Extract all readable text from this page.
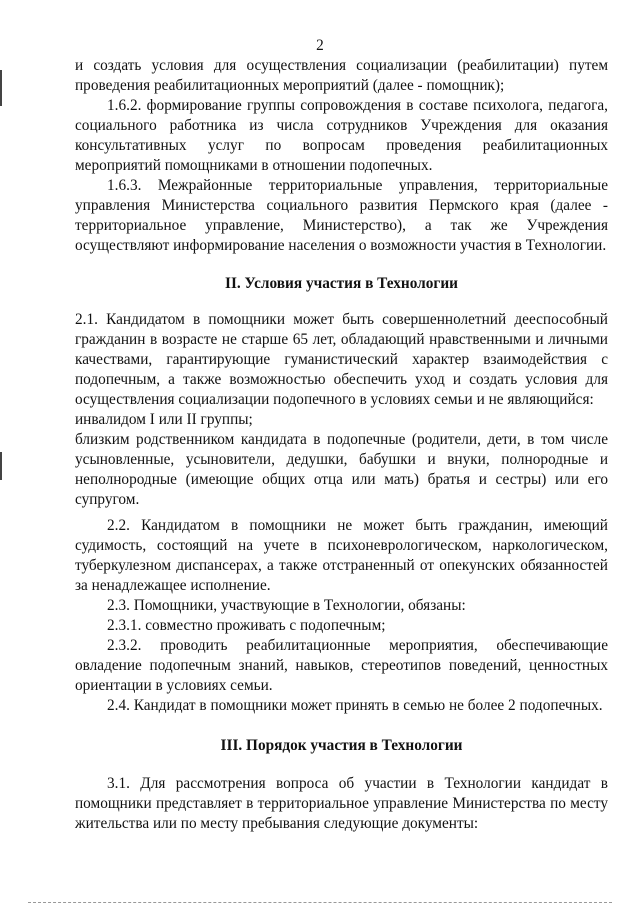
2

и создать условия для осуществления социализации (реабилитации) путем проведения реабилитационных мероприятий (далее - помощник);

1.6.2. формирование группы сопровождения в составе психолога, педагога, социального работника из числа сотрудников Учреждения для оказания консультативных услуг по вопросам проведения реабилитационных мероприятий помощниками в отношении подопечных.

1.6.3. Межрайонные территориальные управления, территориальные управления Министерства социального развития Пермского края (далее - территориальное управление, Министерство), а так же Учреждения осуществляют информирование населения о возможности участия в Технологии.

II. Условия участия в Технологии

2.1. Кандидатом в помощники может быть совершеннолетний дееспособный гражданин в возрасте не старше 65 лет, обладающий нравственными и личными качествами, гарантирующие гуманистический характер взаимодействия с подопечным, а также возможностью обеспечить уход и создать условия для осуществления социализации подопечного в условиях семьи и не являющийся:

инвалидом I или II группы;

близким родственником кандидата в подопечные (родители, дети, в том числе усыновленные, усыновители, дедушки, бабушки и внуки, полнородные и неполнородные (имеющие общих отца или мать) братья и сестры) или его супругом.

2.2. Кандидатом в помощники не может быть гражданин, имеющий судимость, состоящий на учете в психоневрологическом, наркологическом, туберкулезном диспансерах, а также отстраненный от опекунских обязанностей за ненадлежащее исполнение.

2.3. Помощники, участвующие в Технологии, обязаны:

2.3.1. совместно проживать с подопечным;

2.3.2. проводить реабилитационные мероприятия, обеспечивающие овладение подопечным знаний, навыков, стереотипов поведений, ценностных ориентации в условиях семьи.

2.4. Кандидат в помощники может принять в семью не более 2 подопечных.

III. Порядок участия в Технологии

3.1. Для рассмотрения вопроса об участии в Технологии кандидат в помощники представляет в территориальное управление Министерства по месту жительства или по месту пребывания следующие документы:
